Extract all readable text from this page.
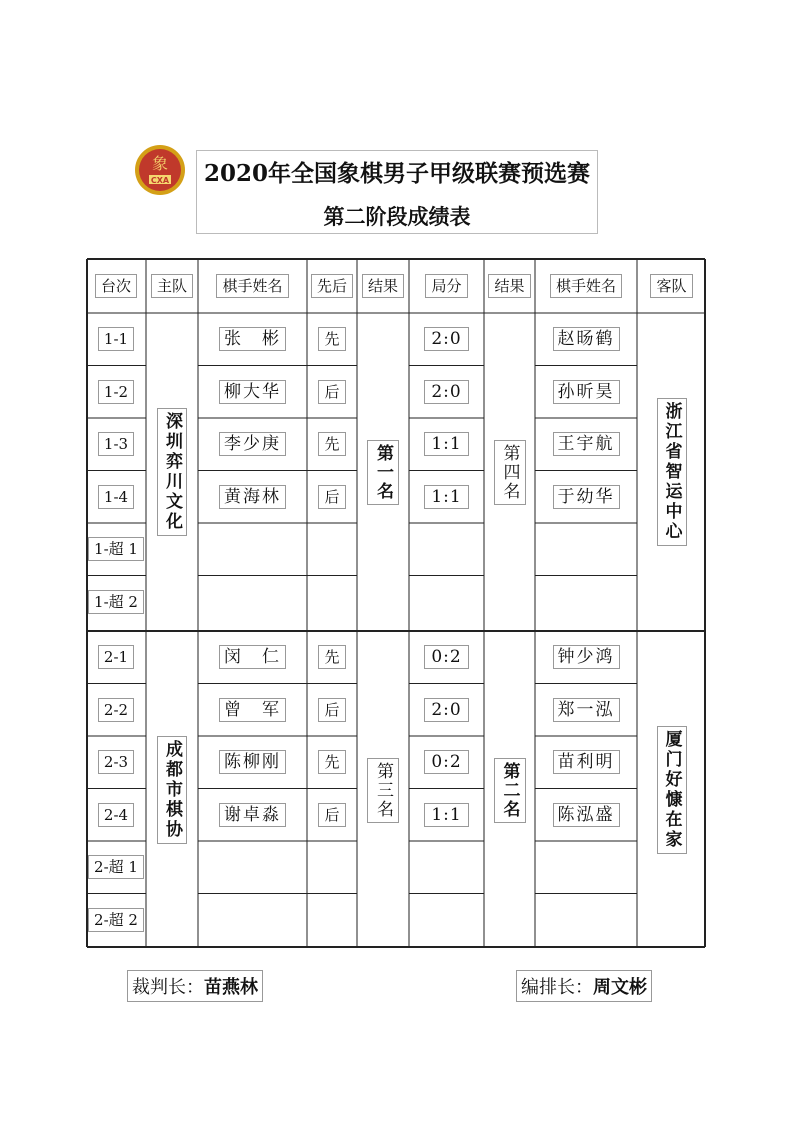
象
CXA	2020年全国象棋男子甲级联赛预选赛
第二阶段成绩表
台次	主队	棋手姓名	先后	结果	局分	结果	棋手姓名	客队
深圳弈川文化	第一名	第四名	浙江省智运中心
1-1	张　彬	先	2:0	赵旸鹤
1-2	柳大华	后	2:0	孙昕昊
1-3	李少庚	先	1:1	王宇航
1-4	黄海林	后	1:1	于幼华
1-超 1
1-超 2
成都市棋协	第三名	第二名	厦门好慷在家
2-1	闵　仁	先	0:2	钟少鸿
2-2	曾　军	后	2:0	郑一泓
2-3	陈柳刚	先	0:2	苗利明
2-4	谢卓淼	后	1:1	陈泓盛
2-超 1
2-超 2
裁判长：苗燕林	编排长：周文彬
